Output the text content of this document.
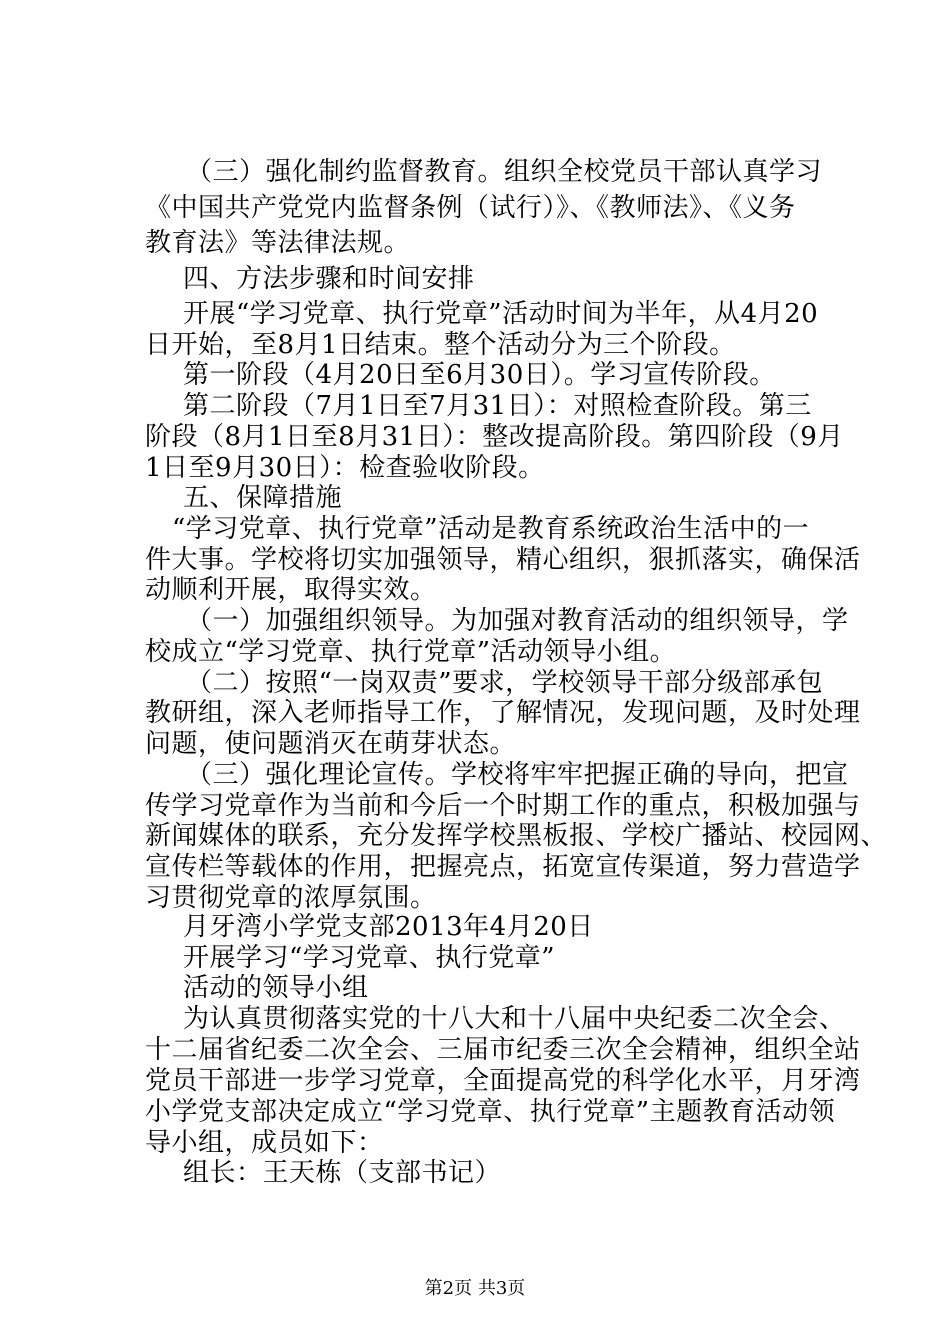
（三）强化制约监督教育。组织全校党员干部认真学习
《中国共产党党内监督条例（试行）》、《教师法》、《义务
教育法》等法律法规。
四、方法步骤和时间安排
开展“学习党章、执行党章”活动时间为半年，从4月20
日开始，至8月1日结束。整个活动分为三个阶段。
第一阶段（4月20日至6月30日）。学习宣传阶段。
第二阶段（7月1日至7月31日）：对照检查阶段。第三
阶段（8月1日至8月31日）：整改提高阶段。第四阶段（9月
1日至9月30日）：检查验收阶段。
五、保障措施
“学习党章、执行党章”活动是教育系统政治生活中的一
件大事。学校将切实加强领导，精心组织，狠抓落实，确保活
动顺利开展，取得实效。
（一）加强组织领导。为加强对教育活动的组织领导，学
校成立“学习党章、执行党章”活动领导小组。
（二）按照“一岗双责”要求，学校领导干部分级部承包
教研组，深入老师指导工作，了解情况，发现问题，及时处理
问题，使问题消灭在萌芽状态。
（三）强化理论宣传。学校将牢牢把握正确的导向，把宣
传学习党章作为当前和今后一个时期工作的重点，积极加强与
新闻媒体的联系，充分发挥学校黑板报、学校广播站、校园网、
宣传栏等载体的作用，把握亮点，拓宽宣传渠道，努力营造学
习贯彻党章的浓厚氛围。
月牙湾小学党支部2013年4月20日
开展学习“学习党章、执行党章”
活动的领导小组
为认真贯彻落实党的十八大和十八届中央纪委二次全会、
十二届省纪委二次全会、三届市纪委三次全会精神，组织全站
党员干部进一步学习党章，全面提高党的科学化水平，月牙湾
小学党支部决定成立“学习党章、执行党章”主题教育活动领
导小组，成员如下：
组长：王天栋（支部书记）
第2页 共3页
